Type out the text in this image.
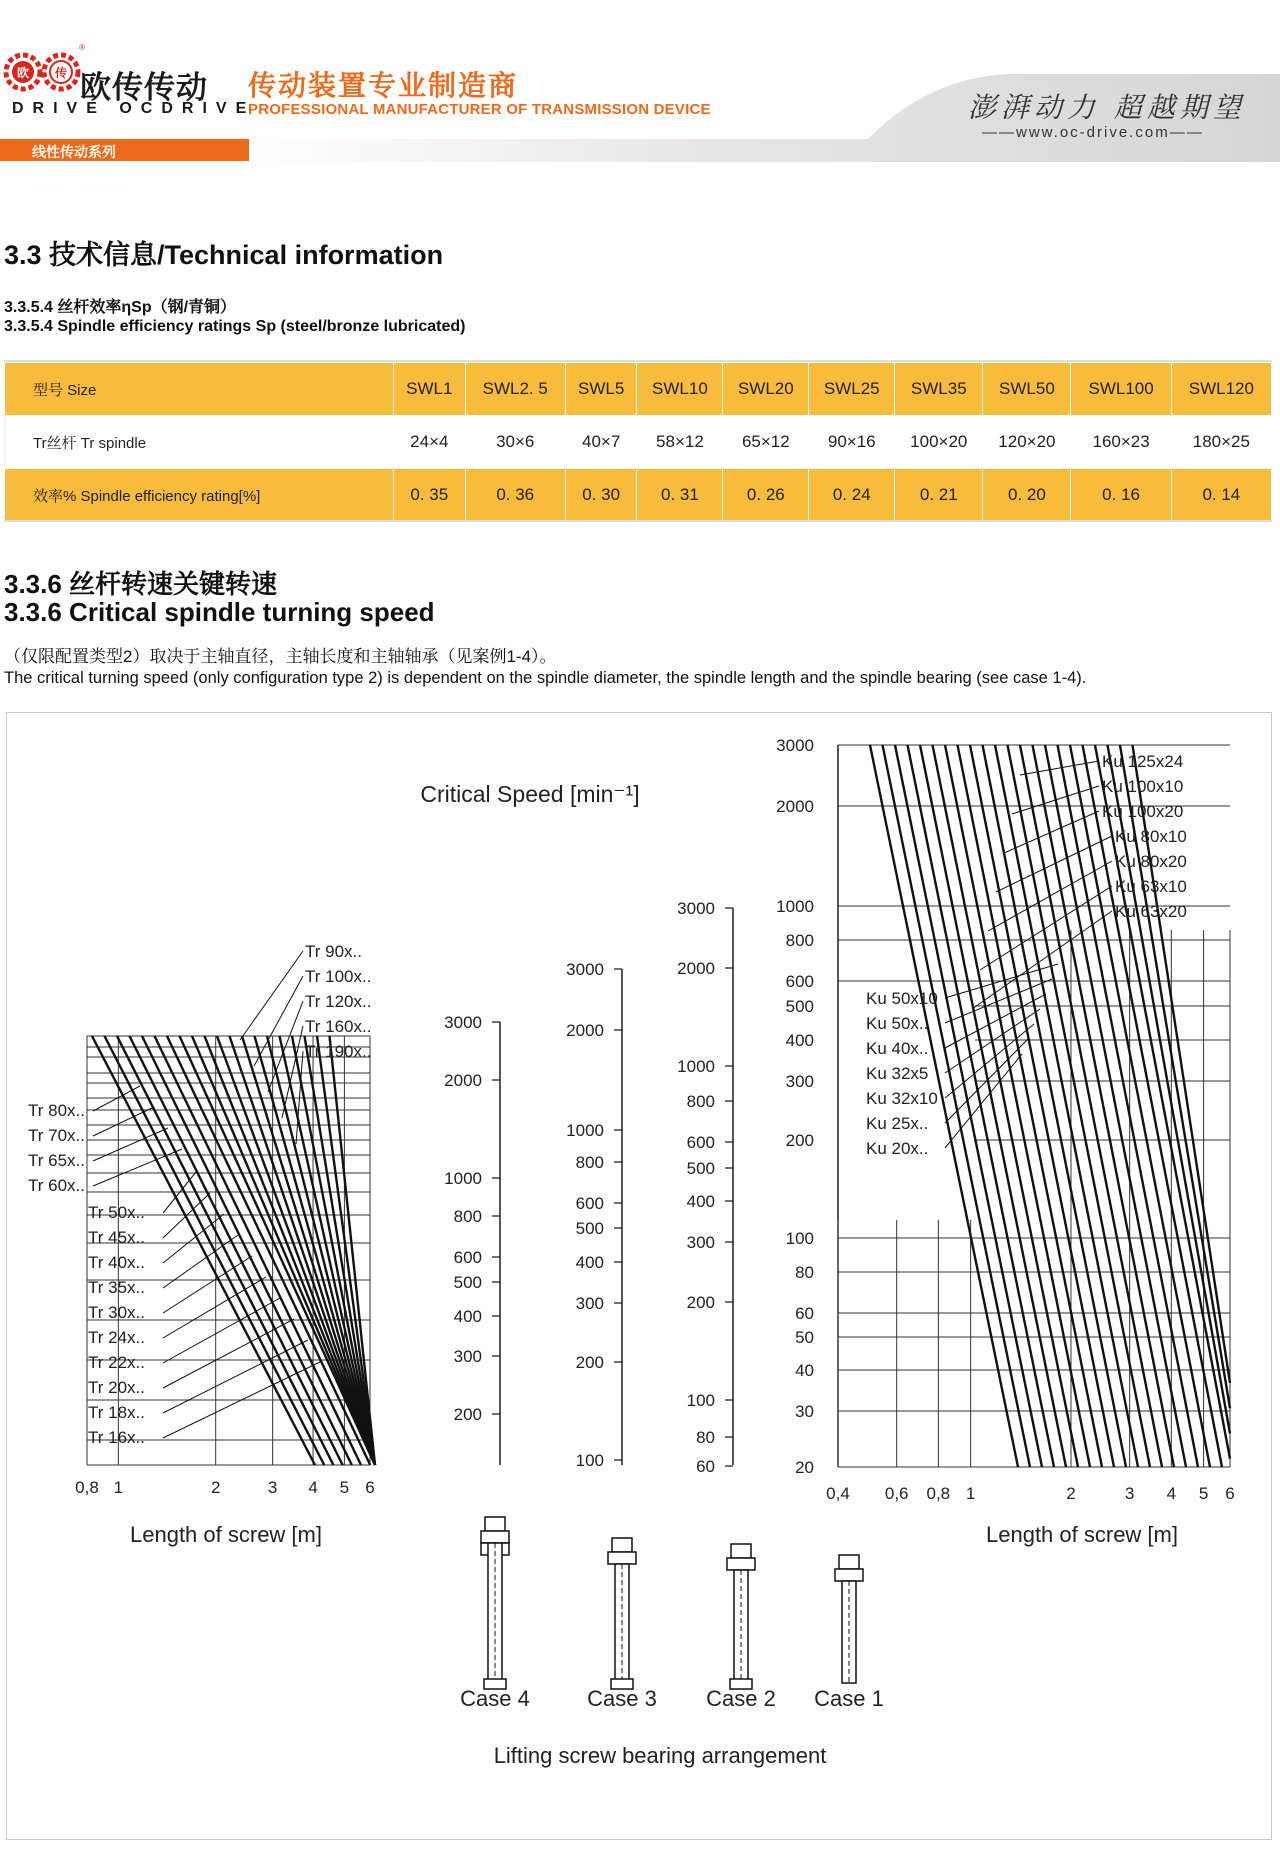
欧 传
®
欧传传动
DRIVE OCDRIVE
传动装置专业制造商
PROFESSIONAL MANUFACTURER OF TRANSMISSION DEVICE	澎湃动力 超越期望
——www.oc-drive.com——
线性传动系列
3.3 技术信息/Technical information
3.3.5.4 丝杆效率ηSp（钢/青铜）
3.3.5.4 Spindle efficiency ratings Sp (steel/bronze lubricated)
型号 Size	SWL1	SWL2. 5	SWL5	SWL10	SWL20	SWL25	SWL35	SWL50	SWL100	SWL120
Tr丝杆 Tr spindle	24×4	30×6	40×7	58×12	65×12	90×16	100×20	120×20	160×23	180×25
效率% Spindle efficiency rating[%]	0. 35	0. 36	0. 30	0. 31	0. 26	0. 24	0. 21	0. 20	0. 16	0. 14
3.3.6 丝杆转速关键转速
3.3.6 Critical spindle turning speed
（仅限配置类型2）取决于主轴直径，主轴长度和主轴轴承（见案例1-4）。
The critical turning speed (only configuration type 2) is dependent on the spindle diameter, the spindle length and the spindle bearing (see case 1-4).
Critical Speed [min⁻¹]
0,8 1	2	3 4 5 6
Tr 90x..
Tr 100x..
Tr 120x..
Tr 160x..
Tr 190x..
Tr 80x..
Tr 70x..
Tr 65x..
Tr 60x..
Tr 50x..
Tr 45x..
Tr 40x..
Tr 35x..
Tr 30x..
Tr 24x..
Tr 22x..
Tr 20x..
Tr 18x..
Tr 16x..
3000
2000
1000
800
600
500
400
300
200
3000
2000
1000
800
600
500
400
300
200
100
3000
2000
1000
800
600
500
400
300
200
100
80
60
3000
2000
1000
800
600
500
400
300
200
100
80
60
50
40
30
20
0,4 0,6 0,8 1	2	3 4 5 6
Ku 125x24
Ku 100x10
Ku 100x20
Ku 80x10
Ku 80x20
Ku 63x10
Ku 63x20
Ku 50x10
Ku 50x..
Ku 40x..
Ku 32x5
Ku 32x10
Ku 25x..
Ku 20x..
Length of screw [m]	Length of screw [m]
Case 4	Case 3 Case 2 Case 1
Lifting screw bearing arrangement
